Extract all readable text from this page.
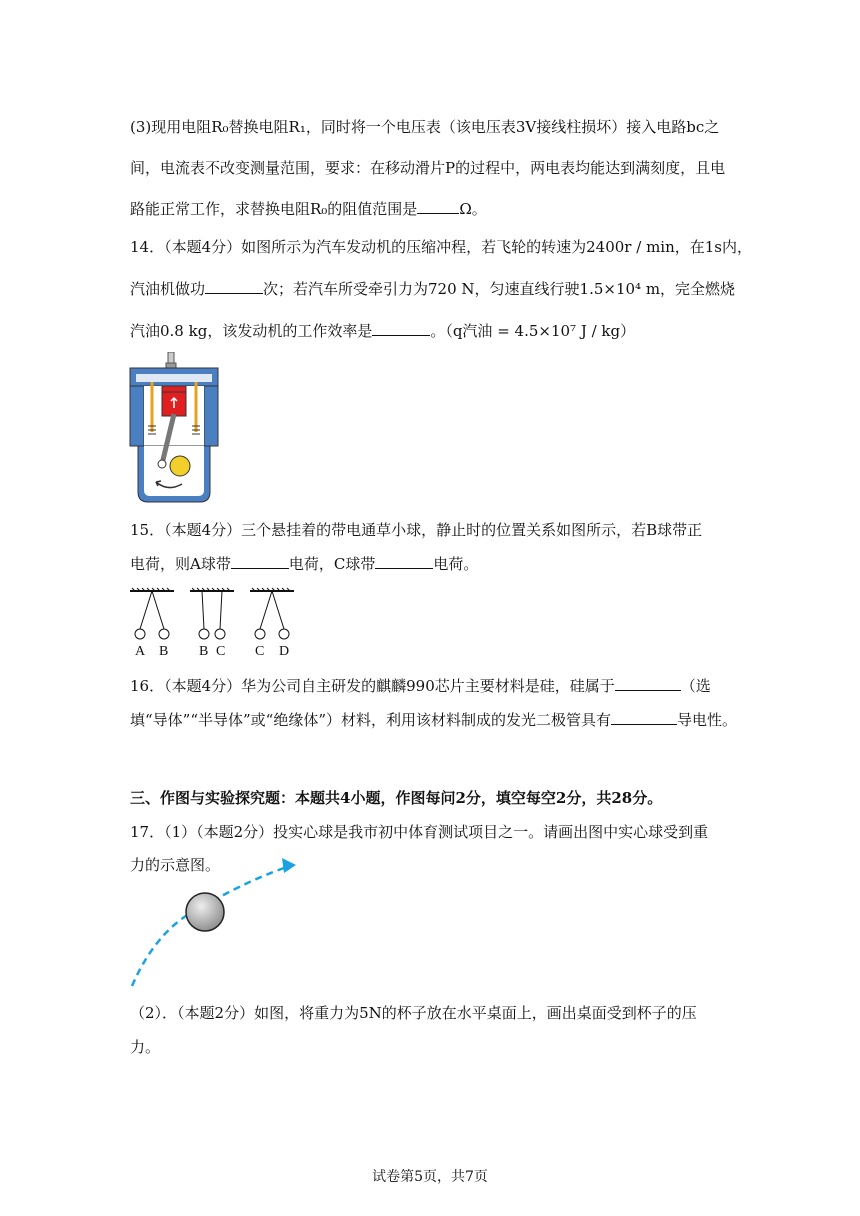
(3)现用电阻R₀替换电阻R₁，同时将一个电压表（该电压表3V接线柱损坏）接入电路bc之
间，电流表不改变测量范围，要求：在移动滑片P的过程中，两电表均能达到满刻度，且电
路能正常工作，求替换电阻R₀的阻值范围是	Ω。
14．（本题4分）如图所示为汽车发动机的压缩冲程，若飞轮的转速为2400r / min，在1s内，
汽油机做功	次；若汽车所受牵引力为720 N，匀速直线行驶1.5×10⁴ m，完全燃烧
汽油0.8 kg，该发动机的工作效率是	。（q汽油 = 4.5×10⁷ J / kg）
15．（本题4分）三个悬挂着的带电通草小球，静止时的位置关系如图所示，若B球带正
电荷，则A球带	电荷，C球带	电荷。
A B B C C D
16．（本题4分）华为公司自主研发的麒麟990芯片主要材料是硅，硅属于	（选
填“导体”“半导体”或“绝缘体”）材料，利用该材料制成的发光二极管具有	导电性。
三、作图与实验探究题：本题共4小题，作图每问2分，填空每空2分，共28分。
17．（1）（本题2分）投实心球是我市初中体育测试项目之一。请画出图中实心球受到重
力的示意图。
（2）．（本题2分）如图，将重力为5N的杯子放在水平桌面上，画出桌面受到杯子的压
力。
试卷第5页，共7页
